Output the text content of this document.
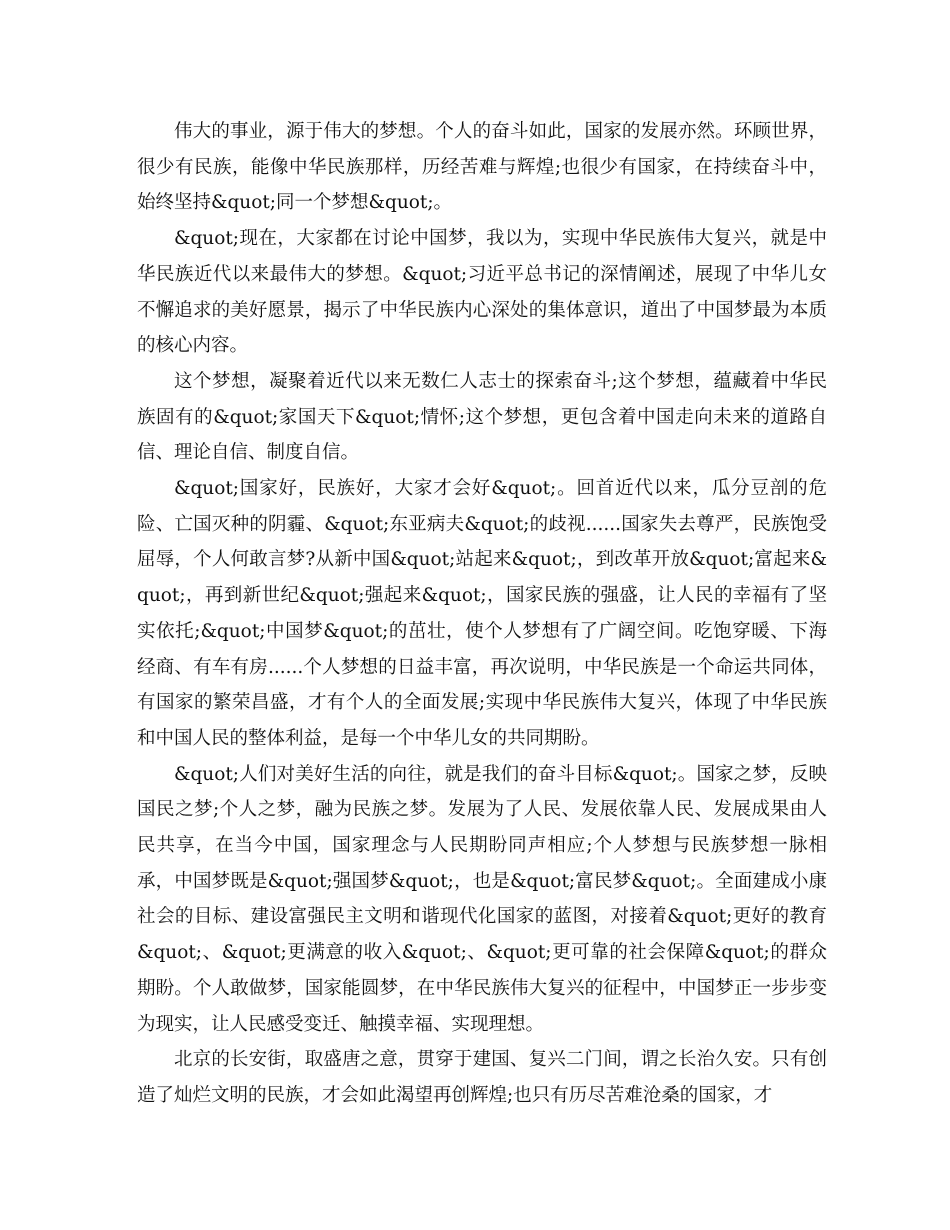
伟大的事业，源于伟大的梦想。个人的奋斗如此，国家的发展亦然。环顾世界，很少有民族，能像中华民族那样，历经苦难与辉煌;也很少有国家，在持续奋斗中，始终坚持&quot;同一个梦想&quot;。

&quot;现在，大家都在讨论中国梦，我以为，实现中华民族伟大复兴，就是中华民族近代以来最伟大的梦想。&quot;习近平总书记的深情阐述，展现了中华儿女不懈追求的美好愿景，揭示了中华民族内心深处的集体意识，道出了中国梦最为本质的核心内容。

这个梦想，凝聚着近代以来无数仁人志士的探索奋斗;这个梦想，蕴藏着中华民族固有的&quot;家国天下&quot;情怀;这个梦想，更包含着中国走向未来的道路自信、理论自信、制度自信。

&quot;国家好，民族好，大家才会好&quot;。回首近代以来，瓜分豆剖的危险、亡国灭种的阴霾、&quot;东亚病夫&quot;的歧视......国家失去尊严，民族饱受屈辱，个人何敢言梦?从新中国&quot;站起来&quot;，到改革开放&quot;富起来&quot;，再到新世纪&quot;强起来&quot;，国家民族的强盛，让人民的幸福有了坚实依托;&quot;中国梦&quot;的茁壮，使个人梦想有了广阔空间。吃饱穿暖、下海经商、有车有房......个人梦想的日益丰富，再次说明，中华民族是一个命运共同体，有国家的繁荣昌盛，才有个人的全面发展;实现中华民族伟大复兴，体现了中华民族和中国人民的整体利益，是每一个中华儿女的共同期盼。

&quot;人们对美好生活的向往，就是我们的奋斗目标&quot;。国家之梦，反映国民之梦;个人之梦，融为民族之梦。发展为了人民、发展依靠人民、发展成果由人民共享，在当今中国，国家理念与人民期盼同声相应;个人梦想与民族梦想一脉相承，中国梦既是&quot;强国梦&quot;，也是&quot;富民梦&quot;。全面建成小康社会的目标、建设富强民主文明和谐现代化国家的蓝图，对接着&quot;更好的教育&quot;、&quot;更满意的收入&quot;、&quot;更可靠的社会保障&quot;的群众期盼。个人敢做梦，国家能圆梦，在中华民族伟大复兴的征程中，中国梦正一步步变为现实，让人民感受变迁、触摸幸福、实现理想。

北京的长安街，取盛唐之意，贯穿于建国、复兴二门间，谓之长治久安。只有创造了灿烂文明的民族，才会如此渴望再创辉煌;也只有历尽苦难沧桑的国家，才
